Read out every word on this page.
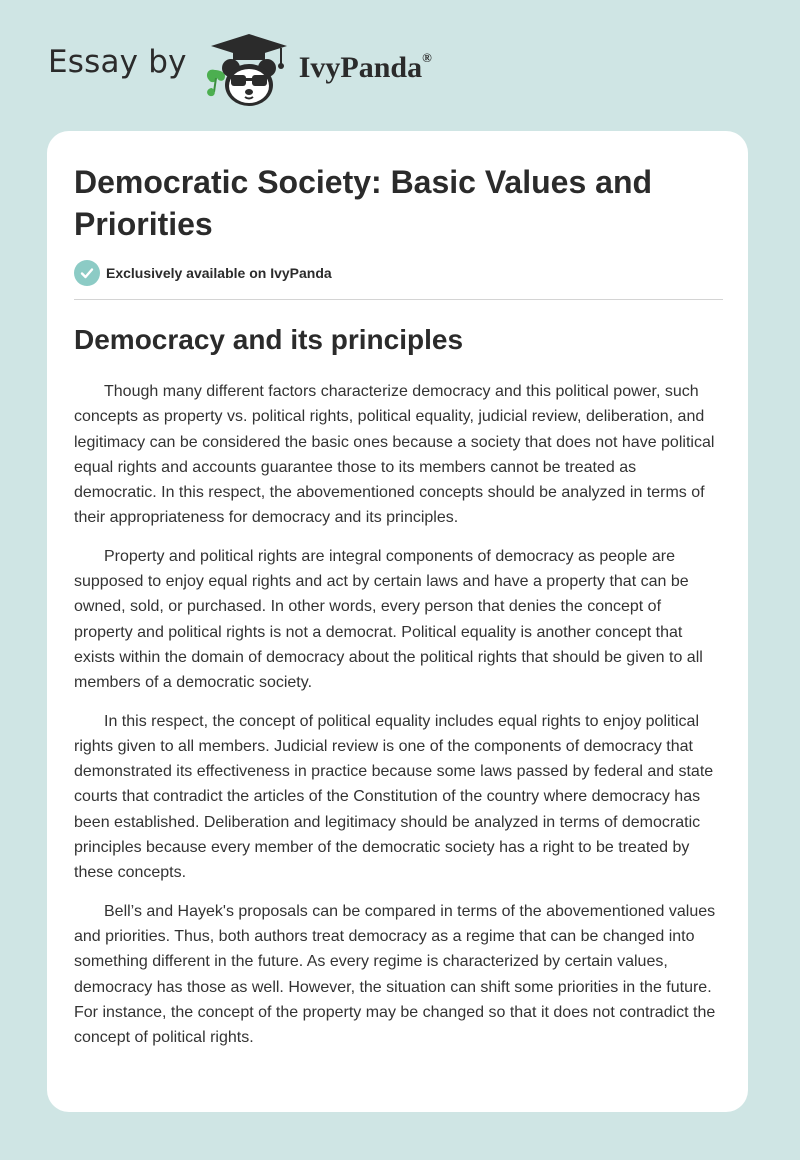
Essay by	IvyPanda®
Democratic Society: Basic Values and Priorities
Exclusively available on IvyPanda
Democracy and its principles

Though many different factors characterize democracy and this political power, such concepts as property vs. political rights, political equality, judicial review, deliberation, and legitimacy can be considered the basic ones because a society that does not have political equal rights and accounts guarantee those to its members cannot be treated as democratic. In this respect, the abovementioned concepts should be analyzed in terms of their appropriateness for democracy and its principles.

Property and political rights are integral components of democracy as people are supposed to enjoy equal rights and act by certain laws and have a property that can be owned, sold, or purchased. In other words, every person that denies the concept of property and political rights is not a democrat. Political equality is another concept that exists within the domain of democracy about the political rights that should be given to all members of a democratic society.

In this respect, the concept of political equality includes equal rights to enjoy political rights given to all members. Judicial review is one of the components of democracy that demonstrated its effectiveness in practice because some laws passed by federal and state courts that contradict the articles of the Constitution of the country where democracy has been established. Deliberation and legitimacy should be analyzed in terms of democratic principles because every member of the democratic society has a right to be treated by these concepts.

Bell’s and Hayek's proposals can be compared in terms of the abovementioned values and priorities. Thus, both authors treat democracy as a regime that can be changed into something different in the future. As every regime is characterized by certain values, democracy has those as well. However, the situation can shift some priorities in the future. For instance, the concept of the property may be changed so that it does not contradict the concept of political rights.
